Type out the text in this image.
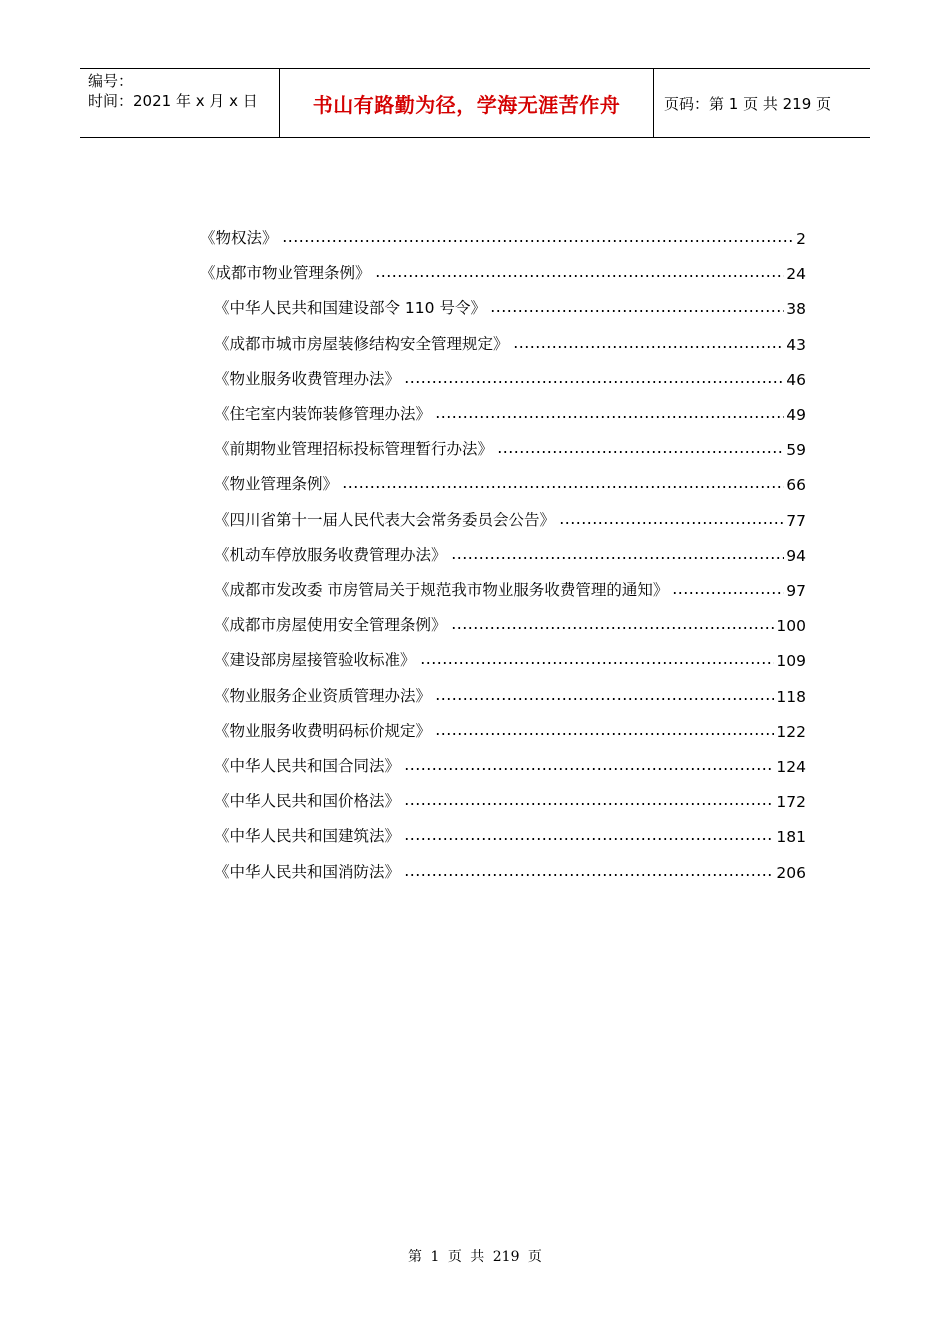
编号：
时间：2021 年 x 月 x 日	书山有路勤为径，学海无涯苦作舟	页码：第 1 页 共 219 页
《物权法》	2
《成都市物业管理条例》	24
《中华人民共和国建设部令 110 号令》	38
《成都市城市房屋装修结构安全管理规定》	43
《物业服务收费管理办法》	46
《住宅室内装饰装修管理办法》	49
《前期物业管理招标投标管理暂行办法》	59
《物业管理条例》	66
《四川省第十一届人民代表大会常务委员会公告》	77
《机动车停放服务收费管理办法》	94
《成都市发改委 市房管局关于规范我市物业服务收费管理的通知》	97
《成都市房屋使用安全管理条例》	100
《建设部房屋接管验收标准》	109
《物业服务企业资质管理办法》	118
《物业服务收费明码标价规定》	122
《中华人民共和国合同法》	124
《中华人民共和国价格法》	172
《中华人民共和国建筑法》	181
《中华人民共和国消防法》	206
第 1 页 共 219 页
